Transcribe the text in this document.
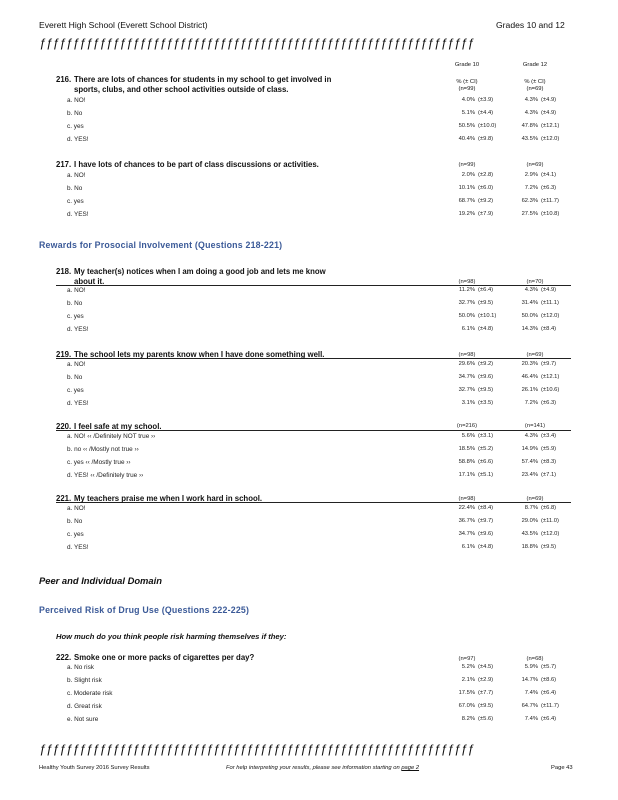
Everett High School (Everett School District)	Grades 10 and 12
ƒƒƒƒƒƒƒƒƒƒƒƒƒƒƒƒƒƒƒƒƒƒƒƒƒƒƒƒƒƒƒƒƒƒƒƒƒƒƒƒƒƒƒƒƒƒƒƒƒƒƒƒƒƒƒƒƒƒƒƒƒƒƒƒƒ
Grade 10	Grade 12
% (± CI)	% (± CI)
(n=99)	(n=69)
216. There are lots of chances for students in my school to get involved in
sports, clubs, and other school activities outside of class.
a. NO!	4.0% (±3.9)	4.3% (±4.9)
b. No	5.1% (±4.4)	4.3% (±4.9)
c. yes	50.5% (±10.0)	47.8% (±12.1)
d. YES!	40.4% (±9.8)	43.5% (±12.0)
217. I have lots of chances to be part of class discussions or activities.	(n=99)	(n=69)
a. NO!	2.0% (±2.8)	2.9% (±4.1)
b. No	10.1% (±6.0)	7.2% (±6.3)
c. yes	68.7% (±9.2)	62.3% (±11.7)
d. YES!	19.2% (±7.9)	27.5% (±10.8)
218. My teacher(s) notices when I am doing a good job and lets me know
about it.	(n=98)	(n=70)
a. NO!	11.2% (±6.4)	4.3% (±4.9)
b. No	32.7% (±9.5)	31.4% (±11.1)
c. yes	50.0% (±10.1)	50.0% (±12.0)
d. YES!	6.1% (±4.8)	14.3% (±8.4)
219. The school lets my parents know when I have done something well.	(n=98)	(n=69)
a. NO!	29.6% (±9.2)	20.3% (±9.7)
b. No	34.7% (±9.6)	46.4% (±12.1)
c. yes	32.7% (±9.5)	26.1% (±10.6)
d. YES!	3.1% (±3.5)	7.2% (±6.3)
220. I feel safe at my school.	(n=216)	(n=141)
a. NO! ‹‹ /Definitely NOT true ››	5.6% (±3.1)	4.3% (±3.4)
b. no ‹‹ /Mostly not true ››	18.5% (±5.2)	14.9% (±5.9)
c. yes ‹‹ /Mostly true ››	58.8% (±6.6)	57.4% (±8.3)
d. YES! ‹‹ /Definitely true ››	17.1% (±5.1)	23.4% (±7.1)
221. My teachers praise me when I work hard in school.	(n=98)	(n=69)
a. NO!	22.4% (±8.4)	8.7% (±6.8)
b. No	36.7% (±9.7)	29.0% (±11.0)
c. yes	34.7% (±9.6)	43.5% (±12.0)
d. YES!	6.1% (±4.8)	18.8% (±9.5)
222. Smoke one or more packs of cigarettes per day?	(n=97)	(n=68)
a. No risk	5.2% (±4.5)	5.9% (±5.7)
b. Slight risk	2.1% (±2.9)	14.7% (±8.6)
c. Moderate risk	17.5% (±7.7)	7.4% (±6.4)
d. Great risk	67.0% (±9.5)	64.7% (±11.7)
e. Not sure	8.2% (±5.6)	7.4% (±6.4)
Rewards for Prosocial Involvement (Questions 218-221)
Peer and Individual Domain
Perceived Risk of Drug Use (Questions 222-225)
How much do you think people risk harming themselves if they:
ƒƒƒƒƒƒƒƒƒƒƒƒƒƒƒƒƒƒƒƒƒƒƒƒƒƒƒƒƒƒƒƒƒƒƒƒƒƒƒƒƒƒƒƒƒƒƒƒƒƒƒƒƒƒƒƒƒƒƒƒƒƒƒƒƒ
Healthy Youth Survey 2016 Survey Results	For help interpreting your results, please see information starting on page 2	Page 43
